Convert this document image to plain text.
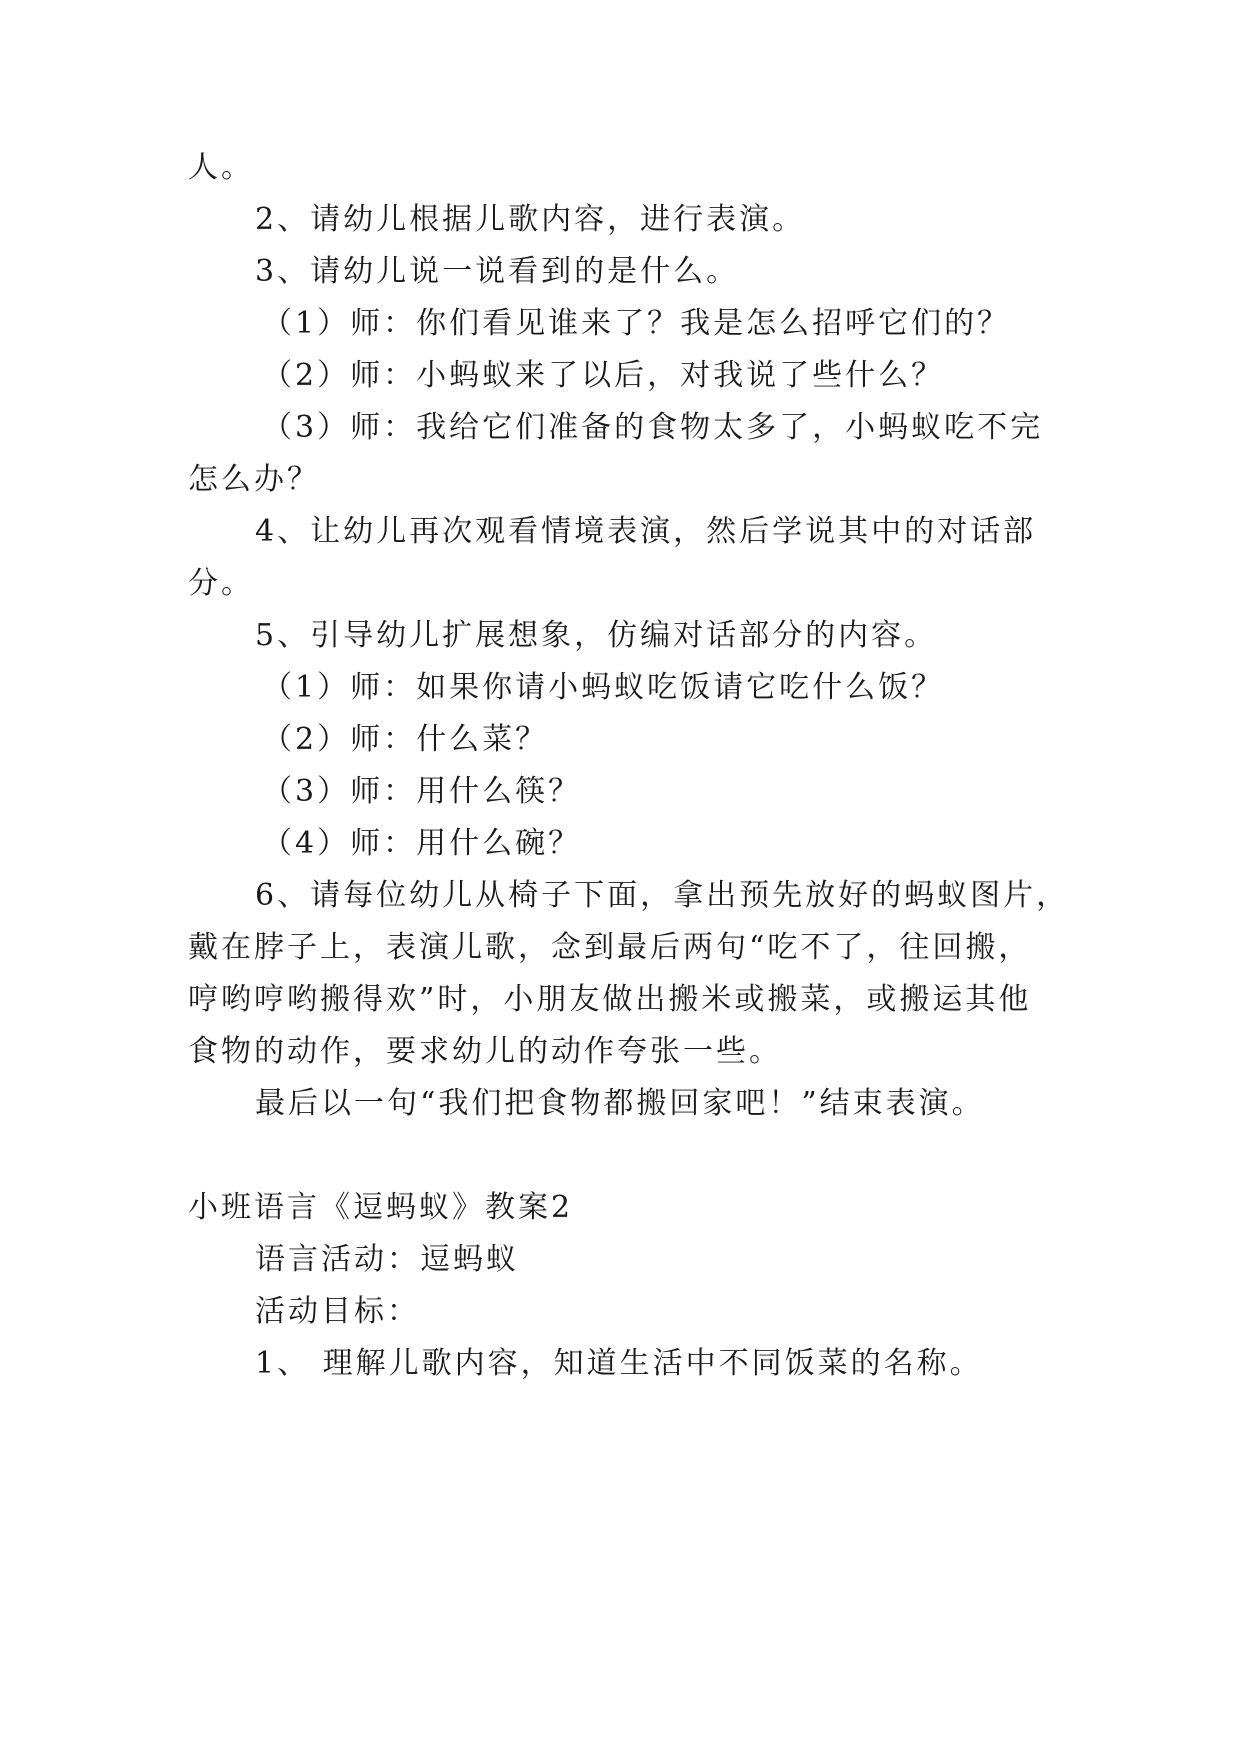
人。
2、请幼儿根据儿歌内容，进行表演。
3、请幼儿说一说看到的是什么。
（1）师：你们看见谁来了？我是怎么招呼它们的？
（2）师：小蚂蚁来了以后，对我说了些什么？
（3）师：我给它们准备的食物太多了，小蚂蚁吃不完
怎么办？
4、让幼儿再次观看情境表演，然后学说其中的对话部
分。
5、引导幼儿扩展想象，仿编对话部分的内容。
（1）师：如果你请小蚂蚁吃饭请它吃什么饭？
（2）师：什么菜？
（3）师：用什么筷？
（4）师：用什么碗？
6、请每位幼儿从椅子下面，拿出预先放好的蚂蚁图片，
戴在脖子上，表演儿歌，念到最后两句“吃不了，往回搬，
哼哟哼哟搬得欢”时，小朋友做出搬米或搬菜，或搬运其他
食物的动作，要求幼儿的动作夸张一些。
最后以一句“我们把食物都搬回家吧！”结束表演。
小班语言《逗蚂蚁》教案2
语言活动：逗蚂蚁
活动目标：
1、 理解儿歌内容，知道生活中不同饭菜的名称。
